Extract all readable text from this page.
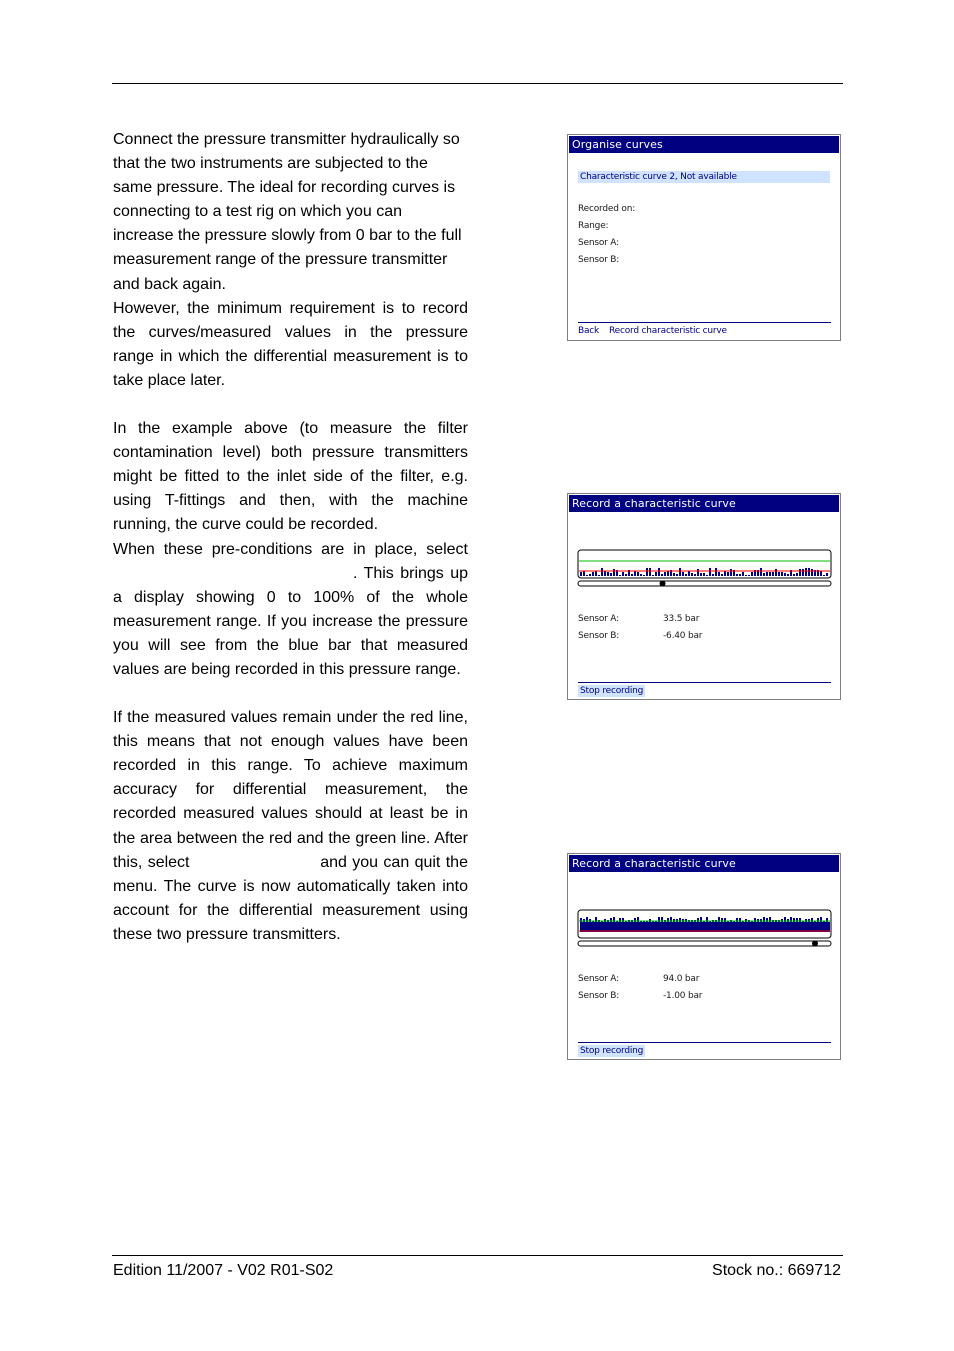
Connect the pressure transmitter hydraulically so that the two instruments are subjected to the same pressure. The ideal for recording curves is connecting to a test rig on which you can increase the pressure slowly from 0 bar to the full measurement range of the pressure transmitter and back again.

However, the minimum requirement is to record the curves/measured values in the pressure range in which the differential measurement is to take place later.

In the example above (to measure the filter contamination level) both pressure transmitters might be fitted to the inlet side of the filter, e.g. using T-fittings and then, with the machine running, the curve could be recorded.

When these pre-conditions are in place, select. This brings up a display showing 0 to 100% of the whole measurement range. If you increase the pressure you will see from the blue bar that measured values are being recorded in this pressure range.

If the measured values remain under the red line, this means that not enough values have been recorded in this range. To achieve maximum accuracy for differential measurement, the recorded measured values should at least be in the area between the red and the green line. After this, select	and you can quit the menu. The curve is now automatically taken into account for the differential measurement using these two pressure transmitters.

Organise curves
Characteristic curve 2, Not available
Recorded on:
Range:
Sensor A:
Sensor B:
Back Record characteristic curve
Record a characteristic curve
Sensor A:	33.5 bar
Sensor B:	-6.40 bar
Stop recording
Record a characteristic curve
Sensor A:	94.0 bar
Sensor B:	-1.00 bar
Stop recording
Edition 11/2007 - V02 R01-S02	Stock no.: 669712
